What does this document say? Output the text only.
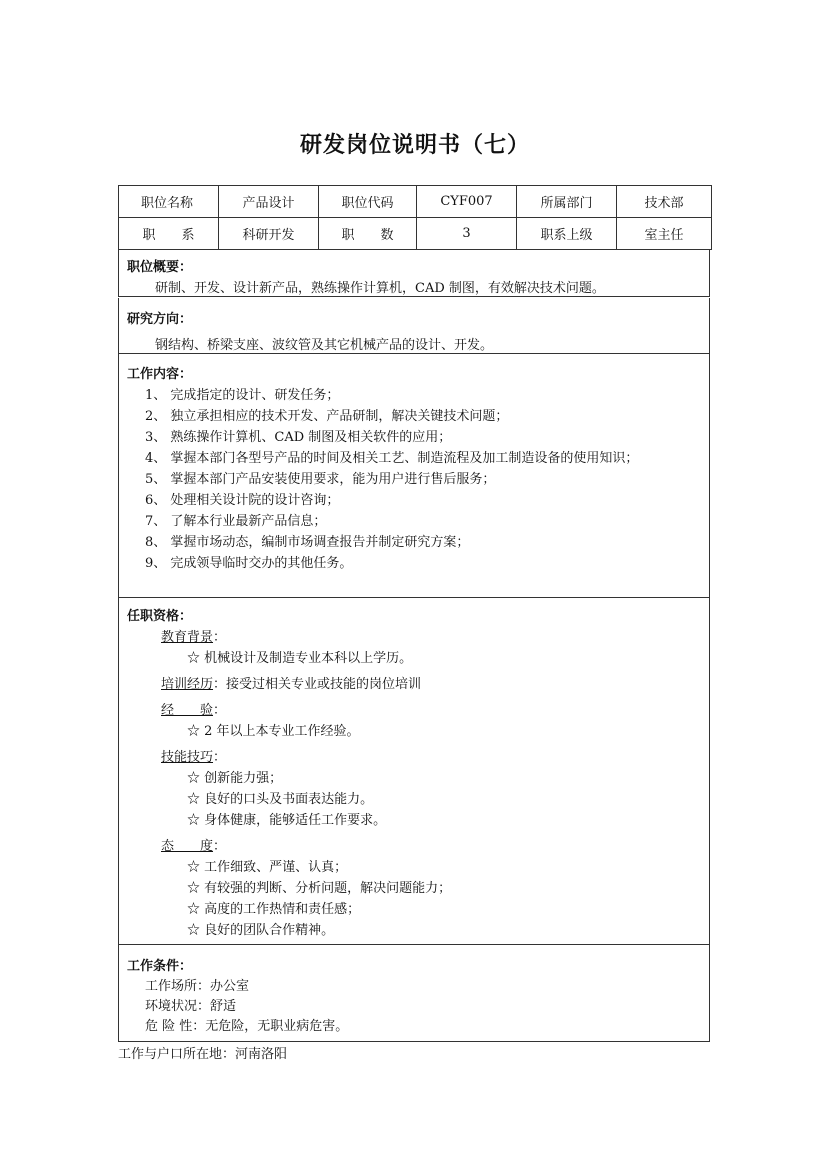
研发岗位说明书（七）
职位名称	产品设计	职位代码	CYF007	所属部门	技术部
职　　系	科研开发	职　　数	3	职系上级	室主任
职位概要：
研制、开发、设计新产品，熟练操作计算机，CAD 制图，有效解决技术问题。
研究方向：
钢结构、桥梁支座、波纹管及其它机械产品的设计、开发。
工作内容：
1、 完成指定的设计、研发任务；
2、 独立承担相应的技术开发、产品研制，解决关键技术问题；
3、 熟练操作计算机、CAD 制图及相关软件的应用；
4、 掌握本部门各型号产品的时间及相关工艺、制造流程及加工制造设备的使用知识；
5、 掌握本部门产品安装使用要求，能为用户进行售后服务；
6、 处理相关设计院的设计咨询；
7、 了解本行业最新产品信息；
8、 掌握市场动态，编制市场调查报告并制定研究方案；
9、 完成领导临时交办的其他任务。
任职资格：
教育背景：
☆ 机械设计及制造专业本科以上学历。
培训经历：接受过相关专业或技能的岗位培训
经　　验：
☆ 2 年以上本专业工作经验。
技能技巧：
☆ 创新能力强；
☆ 良好的口头及书面表达能力。
☆ 身体健康，能够适任工作要求。
态　　度：
☆ 工作细致、严谨、认真；
☆ 有较强的判断、分析问题，解决问题能力；
☆ 高度的工作热情和责任感；
☆ 良好的团队合作精神。
工作条件：
工作场所：办公室
环境状况：舒适
危 险 性：无危险，无职业病危害。
工作与户口所在地：河南洛阳
